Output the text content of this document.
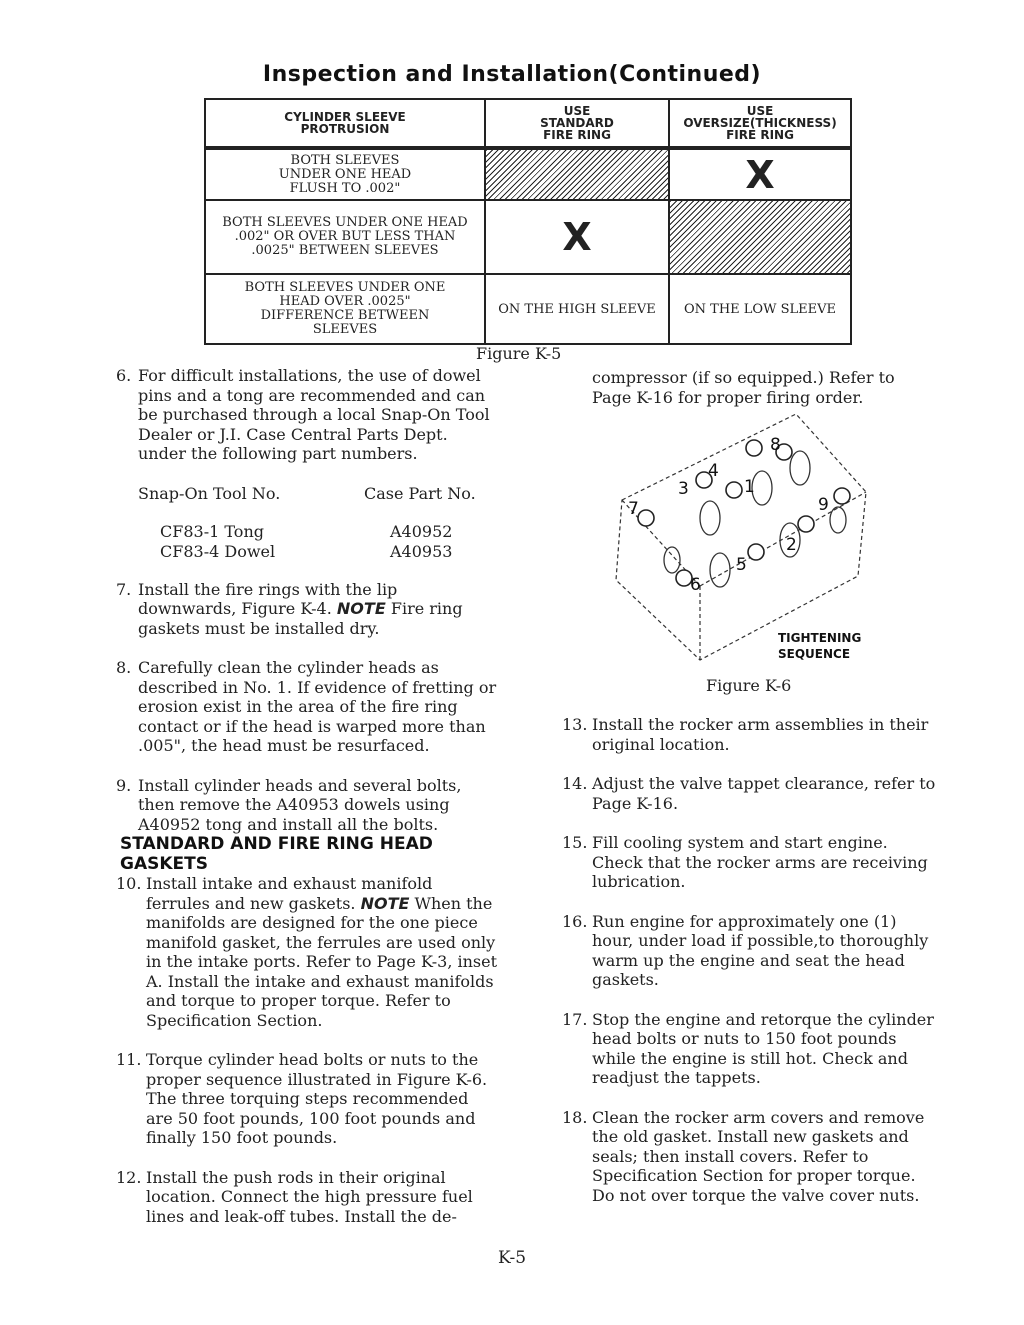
Inspection and Installation(Continued)
CYLINDER SLEEVE PROTRUSION	USE STANDARD FIRE RING	USE OVERSIZE(THICKNESS) FIRE RING
BOTH SLEEVES UNDER ONE HEAD FLUSH TO .002"		X
BOTH SLEEVES UNDER ONE HEAD .002" OR OVER BUT LESS THAN .0025" BETWEEN SLEEVES	X	
BOTH SLEEVES UNDER ONE HEAD OVER .0025" DIFFERENCE BETWEEN SLEEVES	ON THE HIGH SLEEVE	ON THE LOW SLEEVE
Figure K-5

6. For difficult installations, the use of dowel pins and a tong are recommended and can be purchased through a local Snap-On Tool Dealer or J.I. Case Central Parts Dept. under the following part numbers.

Snap-On Tool No.	Case Part No.
CF83-1 Tong	A40952
CF83-4 Dowel	A40953

7. Install the fire rings with the lip downwards, Figure K-4. NOTE Fire ring gaskets must be installed dry.

8. Carefully clean the cylinder heads as described in No. 1. If evidence of fretting or erosion exist in the area of the fire ring contact or if the head is warped more than .005", the head must be resurfaced.

9. Install cylinder heads and several bolts, then remove the A40953 dowels using A40952 tong and install all the bolts.

STANDARD AND FIRE RING HEAD GASKETS

10. Install intake and exhaust manifold ferrules and new gaskets. NOTE When the manifolds are designed for the one piece manifold gasket, the ferrules are used only in the intake ports. Refer to Page K-3, inset A. Install the intake and exhaust manifolds and torque to proper torque. Refer to Specification Section.

11. Torque cylinder head bolts or nuts to the proper sequence illustrated in Figure K-6. The three torquing steps recommended are 50 foot pounds, 100 foot pounds and finally 150 foot pounds.

12. Install the push rods in their original location. Connect the high pressure fuel lines and leak-off tubes. Install the de-

compressor (if so equipped.) Refer to Page K-16 for proper firing order.

1
2
3
4
5
6
7
8
9
TIGHTENING
SEQUENCE
Figure K-6

13. Install the rocker arm assemblies in their original location.

14. Adjust the valve tappet clearance, refer to Page K-16.

15. Fill cooling system and start engine. Check that the rocker arms are receiving lubrication.

16. Run engine for approximately one (1) hour, under load if possible,to thoroughly warm up the engine and seat the head gaskets.

17. Stop the engine and retorque the cylinder head bolts or nuts to 150 foot pounds while the engine is still hot. Check and readjust the tappets.

18. Clean the rocker arm covers and remove the old gasket. Install new gaskets and seals; then install covers. Refer to Specification Section for proper torque. Do not over torque the valve cover nuts.

K-5
